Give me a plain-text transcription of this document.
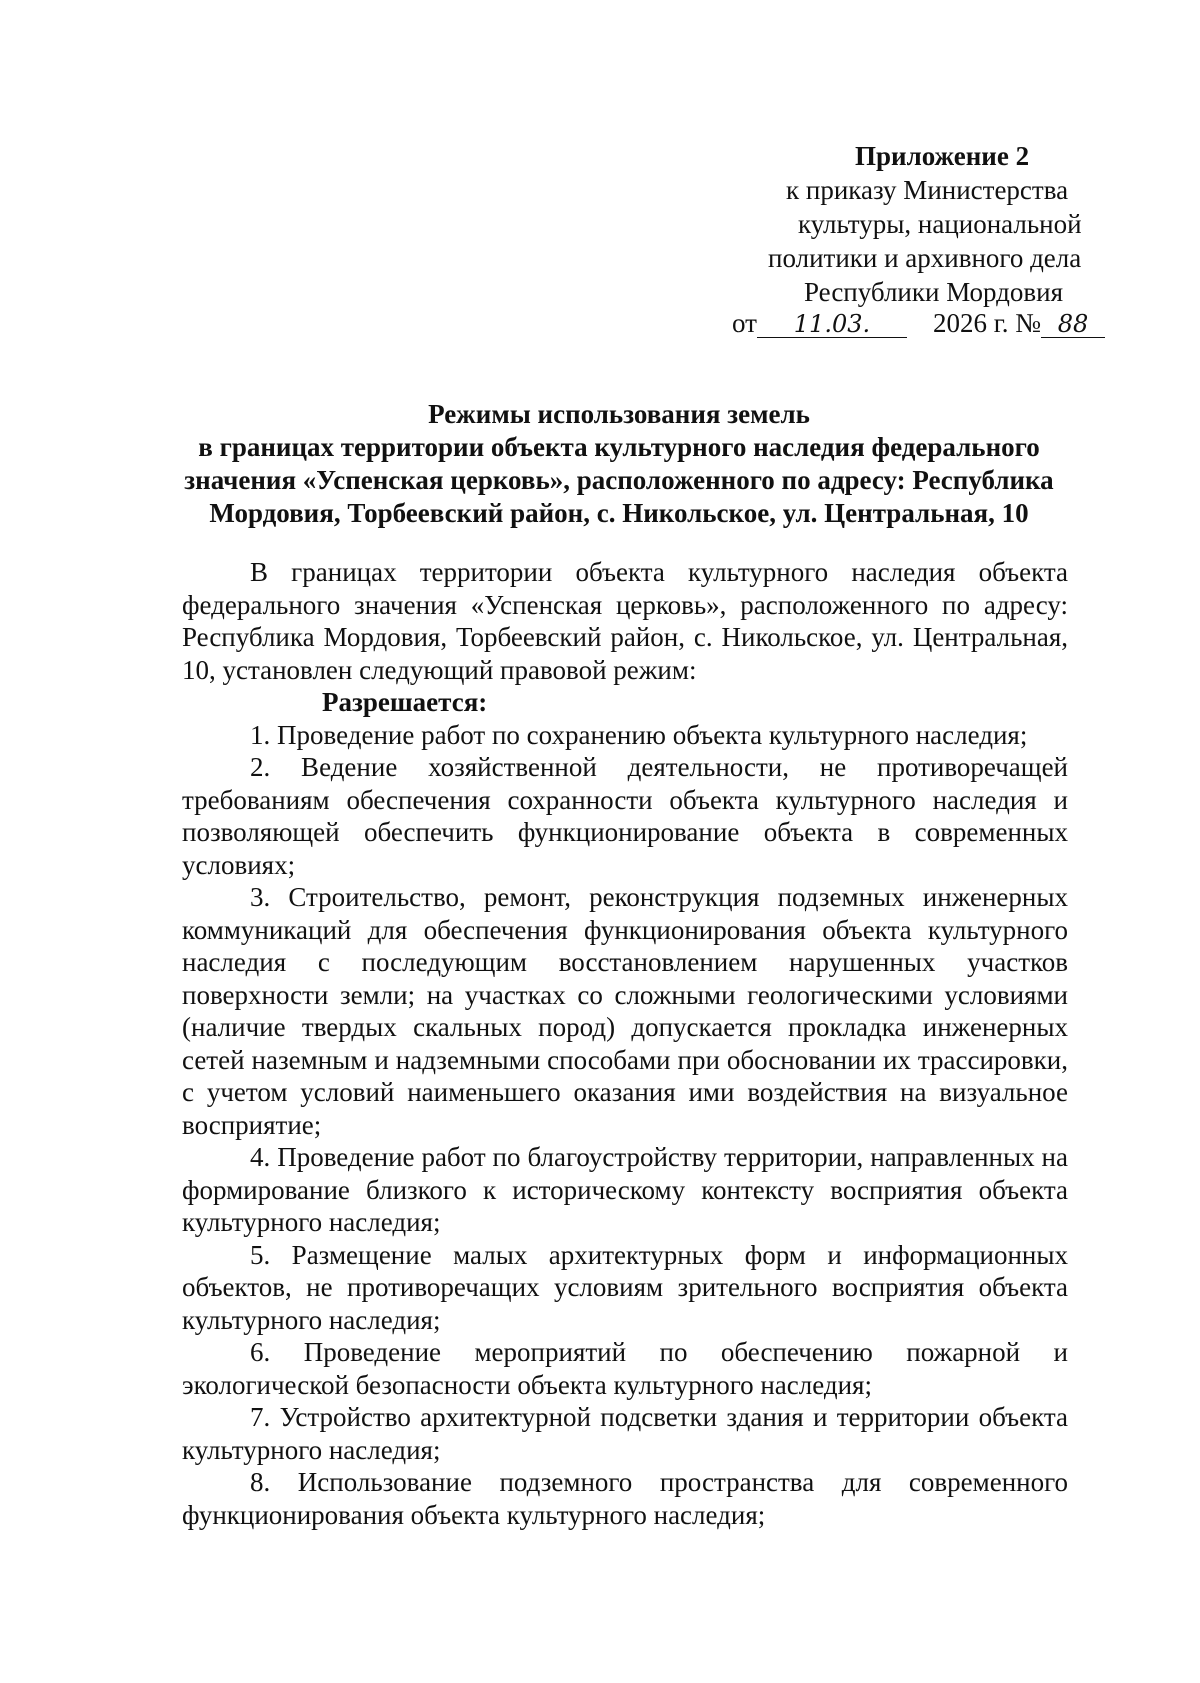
Приложение 2
к приказу Министерства
культуры, национальной
политики и архивного дела
Республики Мордовия
от 11.03. 2026 г. № 88
Режимы использования земель
в границах территории объекта культурного наследия федерального
значения «Успенская церковь», расположенного по адресу: Республика
Мордовия, Торбеевский район, с. Никольское, ул. Центральная, 10

В границах территории объекта культурного наследия объекта федерального значения «Успенская церковь», расположенного по адресу: Республика Мордовия, Торбеевский район, с. Никольское, ул. Центральная, 10, установлен следующий правовой режим:

Разрешается:

1. Проведение работ по сохранению объекта культурного наследия;

2. Ведение хозяйственной деятельности, не противоречащей требованиям обеспечения сохранности объекта культурного наследия и позволяющей обеспечить функционирование объекта в современных условиях;

3. Строительство, ремонт, реконструкция подземных инженерных коммуникаций для обеспечения функционирования объекта культурного наследия с последующим восстановлением нарушенных участков поверхности земли; на участках со сложными геологическими условиями (наличие твердых скальных пород) допускается прокладка инженерных сетей наземным и надземными способами при обосновании их трассировки, с учетом условий наименьшего оказания ими воздействия на визуальное восприятие;

4. Проведение работ по благоустройству территории, направленных на формирование близкого к историческому контексту восприятия объекта культурного наследия;

5. Размещение малых архитектурных форм и информационных объектов, не противоречащих условиям зрительного восприятия объекта культурного наследия;

6. Проведение мероприятий по обеспечению пожарной и экологической безопасности объекта культурного наследия;

7. Устройство архитектурной подсветки здания и территории объекта культурного наследия;

8. Использование подземного пространства для современного функционирования объекта культурного наследия;
